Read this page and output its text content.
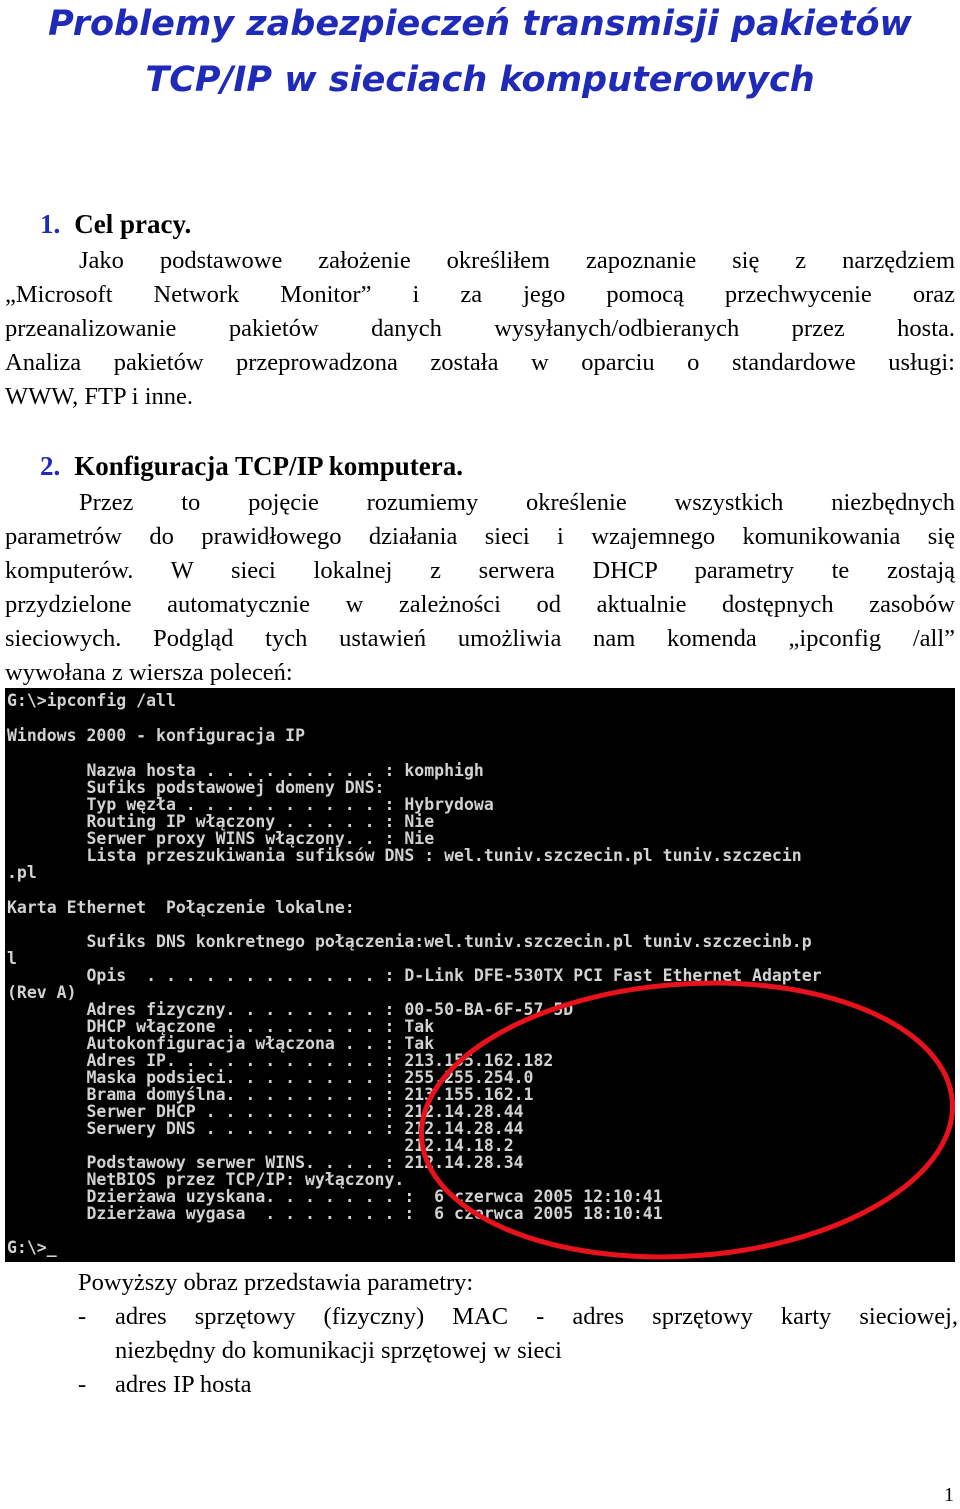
Problemy zabezpieczeń transmisji pakietów
TCP/IP w sieciach komputerowych
1. Cel pracy.
Jako podstawowe założenie określiłem zapoznanie się z narzędziem
„Microsoft Network Monitor” i za jego pomocą przechwycenie oraz
przeanalizowanie pakietów danych wysyłanych/odbieranych przez hosta.
Analiza pakietów przeprowadzona została w oparciu o standardowe usługi:
WWW, FTP i inne.
2. Konfiguracja TCP/IP komputera.
Przez to pojęcie rozumiemy określenie wszystkich niezbędnych
parametrów do prawidłowego działania sieci i wzajemnego komunikowania się
komputerów. W sieci lokalnej z serwera DHCP parametry te zostają
przydzielone automatycznie w zależności od aktualnie dostępnych zasobów
sieciowych. Podgląd tych ustawień umożliwia nam komenda „ipconfig /all”
wywołana z wiersza poleceń:
G:\>ipconfig /all
Windows 2000 - konfiguracja IP
Nazwa hosta . . . . . . . . . : komphigh
Sufiks podstawowej domeny DNS:
Typ węzła . . . . . . . . . . : Hybrydowa
Routing IP włączony . . . . . : Nie
Serwer proxy WINS włączony. . : Nie
Lista przeszukiwania sufiksów DNS : wel.tuniv.szczecin.pl tuniv.szczecin
.pl
Karta Ethernet  Połączenie lokalne:
Sufiks DNS konkretnego połączenia:wel.tuniv.szczecin.pl tuniv.szczecinb.p
l
Opis  . . . . . . . . . . . . : D-Link DFE-530TX PCI Fast Ethernet Adapter
(Rev A)
Adres fizyczny. . . . . . . . : 00-50-BA-6F-57-5D
DHCP włączone . . . . . . . . : Tak
Autokonfiguracja włączona . . : Tak
Adres IP. . . . . . . . . . . : 213.155.162.182
Maska podsieci. . . . . . . . : 255.255.254.0
Brama domyślna. . . . . . . . : 213.155.162.1
Serwer DHCP . . . . . . . . . : 212.14.28.44
Serwery DNS . . . . . . . . . : 212.14.28.44
212.14.18.2
Podstawowy serwer WINS. . . . : 212.14.28.34
NetBIOS przez TCP/IP: wyłączony.
Dzierżawa uzyskana. . . . . . . :  6 czerwca 2005 12:10:41
Dzierżawa wygasa  . . . . . . . :  6 czerwca 2005 18:10:41
G:\>_
Powyższy obraz przedstawia parametry:
-	adres sprzętowy (fizyczny) MAC - adres sprzętowy karty sieciowej,
niezbędny do komunikacji sprzętowej w sieci
-	adres IP hosta
1
